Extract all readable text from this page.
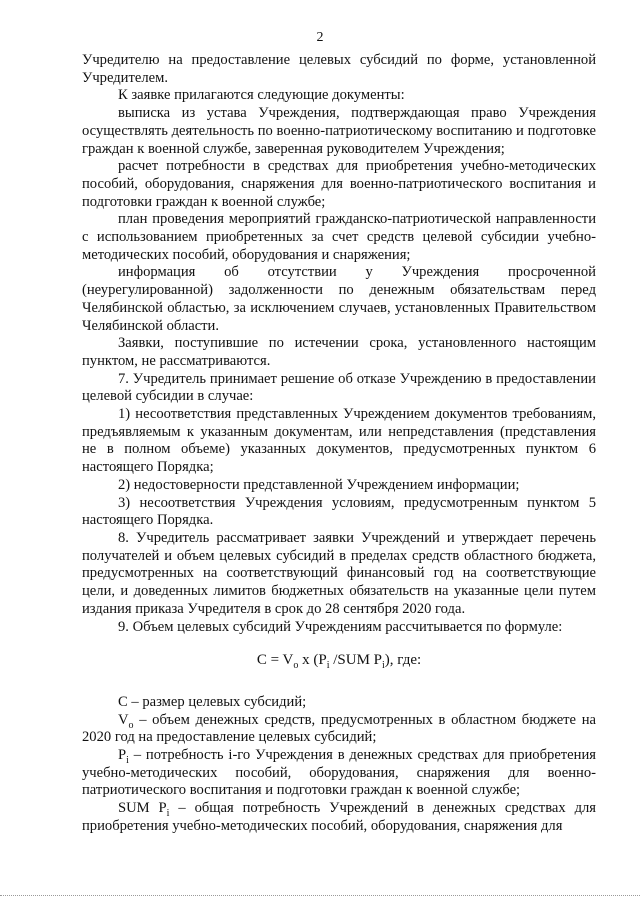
2

Учредителю на предоставление целевых субсидий по форме, установленной Учредителем.

К заявке прилагаются следующие документы:

выписка из устава Учреждения, подтверждающая право Учреждения осуществлять деятельность по военно-патриотическому воспитанию и подготовке граждан к военной службе, заверенная руководителем Учреждения;

расчет потребности в средствах для приобретения учебно-методических пособий, оборудования, снаряжения для военно-патриотического воспитания и подготовки граждан к военной службе;

план проведения мероприятий гражданско-патриотической направленности с использованием приобретенных за счет средств целевой субсидии учебно-методических пособий, оборудования и снаряжения;

информация об отсутствии у Учреждения просроченной (неурегулированной) задолженности по денежным обязательствам перед Челябинской областью, за исключением случаев, установленных Правительством Челябинской области.

Заявки, поступившие по истечении срока, установленного настоящим пунктом, не рассматриваются.

7. Учредитель принимает решение об отказе Учреждению в предоставлении целевой субсидии в случае:

1) несоответствия представленных Учреждением документов требованиям, предъявляемым к указанным документам, или непредставления (представления не в полном объеме) указанных документов, предусмотренных пунктом 6 настоящего Порядка;

2) недостоверности представленной Учреждением информации;

3) несоответствия Учреждения условиям, предусмотренным пунктом 5 настоящего Порядка.

8. Учредитель рассматривает заявки Учреждений и утверждает перечень получателей и объем целевых субсидий в пределах средств областного бюджета, предусмотренных на соответствующий финансовый год на соответствующие цели, и доведенных лимитов бюджетных обязательств на указанные цели путем издания приказа Учредителя в срок до 28 сентября 2020 года.

9. Объем целевых субсидий Учреждениям рассчитывается по формуле:

$C = V_o$ x ($P_i$ /SUM $P_i$), где:

C – размер целевых субсидий;

$V_o$ – объем денежных средств, предусмотренных в областном бюджете на 2020 год на предоставление целевых субсидий;

$P_i$ – потребность i-го Учреждения в денежных средствах для приобретения учебно-методических пособий, оборудования, снаряжения для военно-патриотического воспитания и подготовки граждан к военной службе;

SUM $P_i$ – общая потребность Учреждений в денежных средствах для приобретения учебно-методических пособий, оборудования, снаряжения для
